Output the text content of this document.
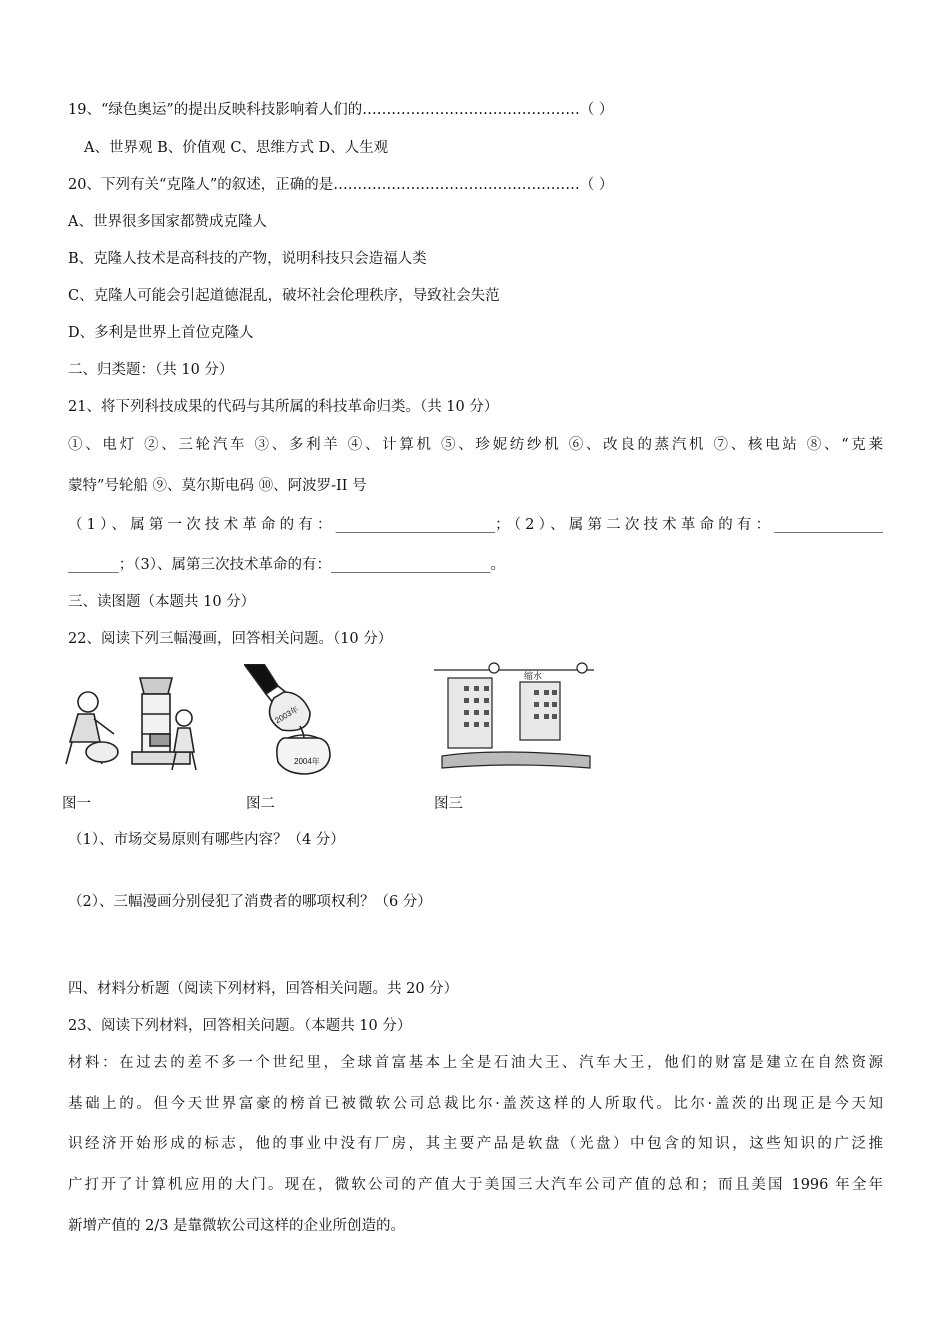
19、“绿色奥运”的提出反映科技影响着人们的………………………………………（ ）
A、世界观 B、价值观 C、思维方式 D、人生观
20、下列有关“克隆人”的叙述，正确的是……………………………………………（ ）
A、世界很多国家都赞成克隆人
B、克隆人技术是高科技的产物，说明科技只会造福人类
C、克隆人可能会引起道德混乱，破坏社会伦理秩序，导致社会失范
D、多利是世界上首位克隆人
二、归类题：（共 10 分）
21、将下列科技成果的代码与其所属的科技革命归类。（共 10 分）
①、电灯 ②、三轮汽车 ③、多利羊 ④、计算机 ⑤、珍妮纺纱机 ⑥、改良的蒸汽机 ⑦、核电站 ⑧、“克莱
蒙特”号轮船 ⑨、莫尔斯电码 ⑩、阿波罗-II 号
（1）、属第一次技术革命的有：______________________；（2）、属第二次技术革命的有：_______________
_______；（3）、属第三次技术革命的有：______________________。
三、读图题（本题共 10 分）
22、阅读下列三幅漫画，回答相关问题。（10 分）
2003年
2004年
缩水
图一	图二	图三
（1）、市场交易原则有哪些内容？（4 分）
（2）、三幅漫画分别侵犯了消费者的哪项权利？（6 分）
四、材料分析题（阅读下列材料，回答相关问题。共 20 分）
23、阅读下列材料，回答相关问题。（本题共 10 分）
材料：在过去的差不多一个世纪里，全球首富基本上全是石油大王、汽车大王，他们的财富是建立在自然资源
基础上的。但今天世界富豪的榜首已被微软公司总裁比尔·盖茨这样的人所取代。比尔·盖茨的出现正是今天知
识经济开始形成的标志，他的事业中没有厂房，其主要产品是软盘（光盘）中包含的知识，这些知识的广泛推
广打开了计算机应用的大门。现在，微软公司的产值大于美国三大汽车公司产值的总和；而且美国 1996 年全年
新增产值的 2/3 是靠微软公司这样的企业所创造的。
